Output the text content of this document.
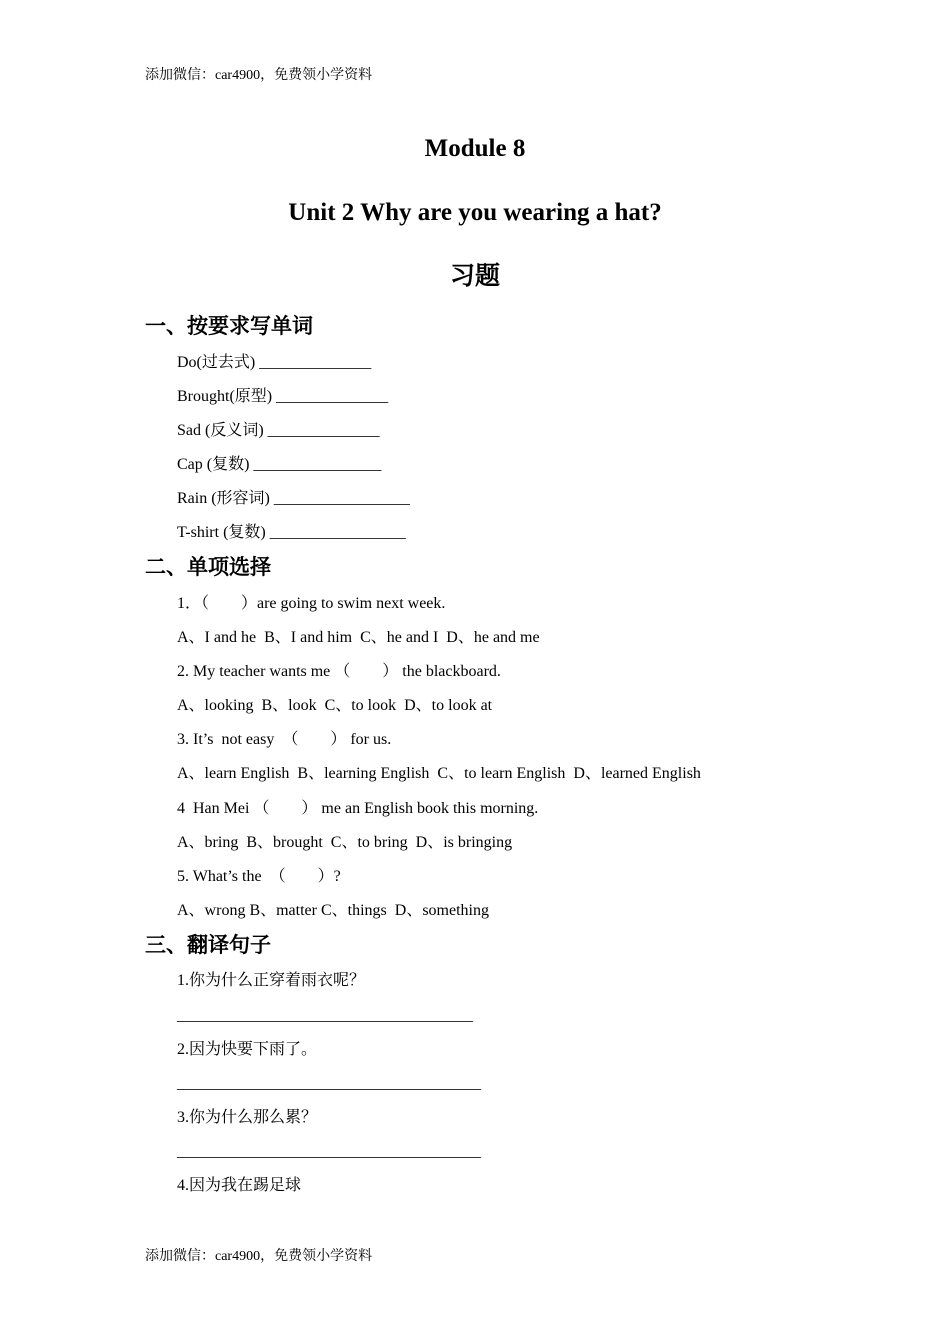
添加微信：car4900，免费领小学资料
Module 8
Unit 2 Why are you wearing a hat?
习题
一、按要求写单词
Do(过去式) ______________
Brought(原型) ______________
Sad (反义词) ______________
Cap (复数) ________________
Rain (形容词) _________________
T-shirt (复数) _________________
二、单项选择
1．（　　）are going to swim next week.
A、I and he  B、I and him  C、he and I  D、he and me
2. My teacher wants me （　　） the blackboard.
A、looking  B、look  C、to look  D、to look at
3. It’s  not easy  （　　） for us.
A、learn English  B、learning English  C、to learn English  D、learned English
4  Han Mei （　　） me an English book this morning.
A、bring  B、brought  C、to bring  D、is bringing
5. What’s the  （　　）?
A、wrong B、matter C、things  D、something
三、翻译句子
1.你为什么正穿着雨衣呢？
_____________________________________
2.因为快要下雨了。
______________________________________
3.你为什么那么累？
______________________________________
4.因为我在踢足球
添加微信：car4900，免费领小学资料
